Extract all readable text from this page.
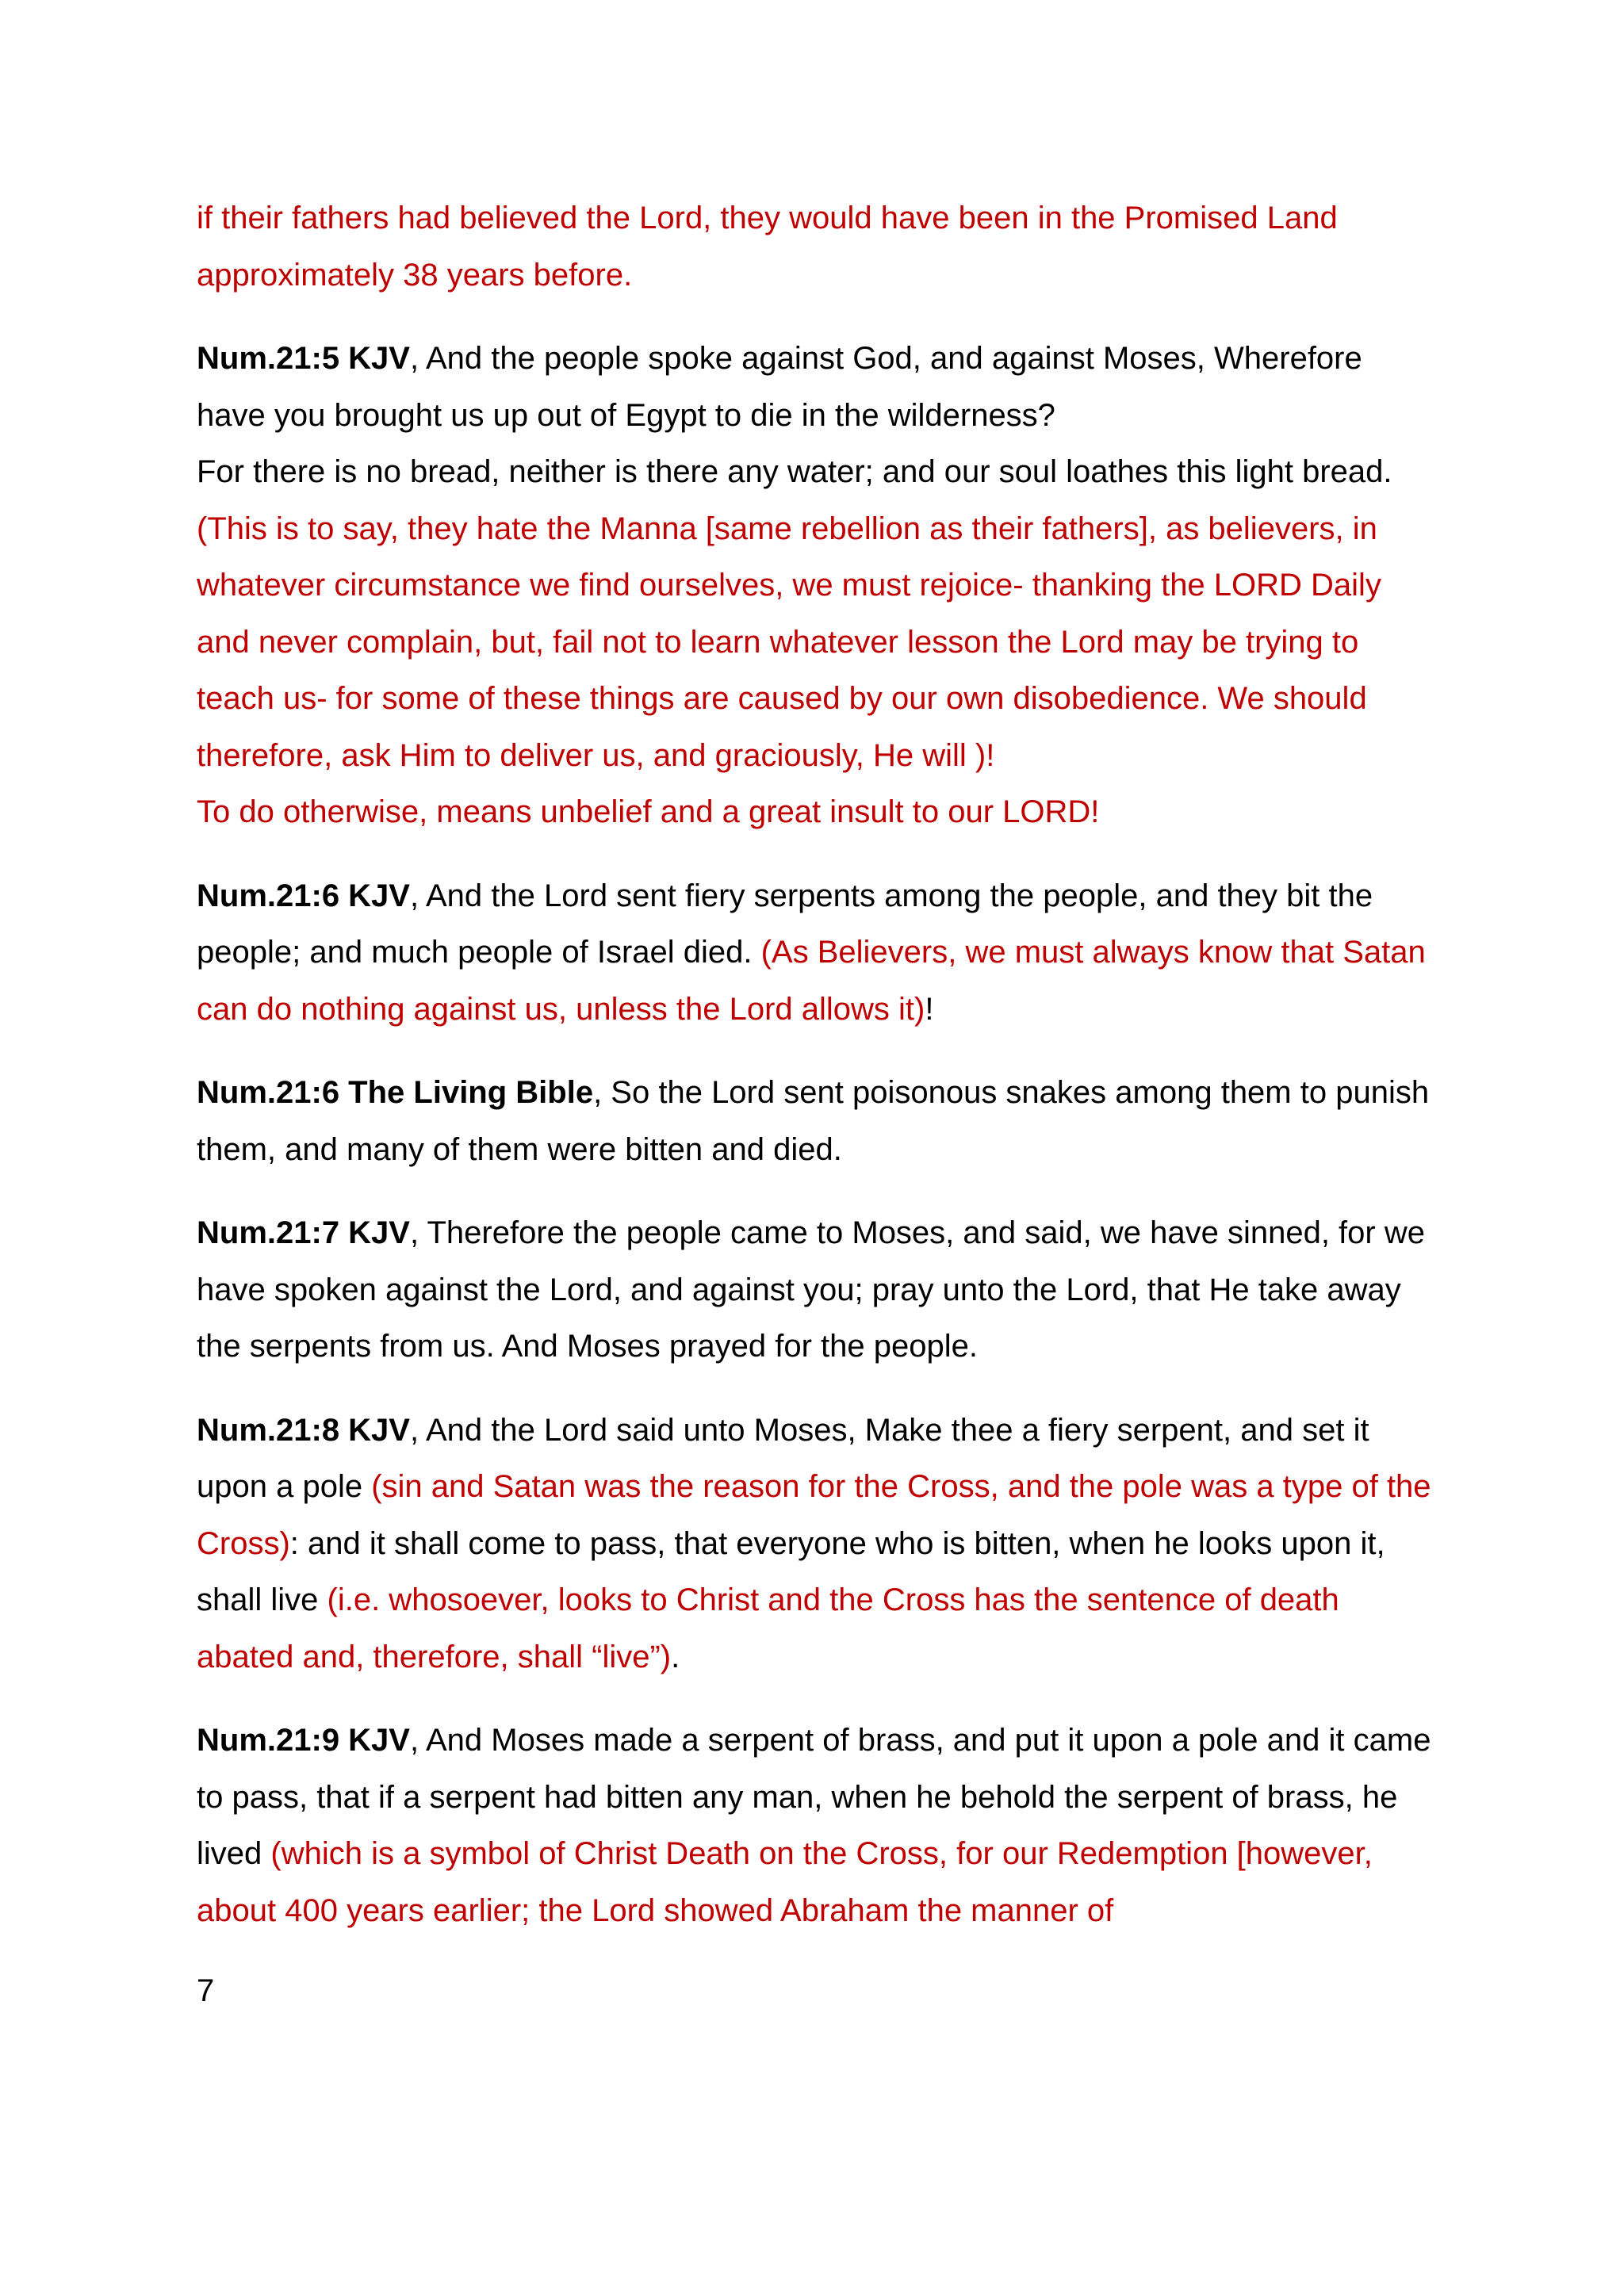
if their fathers had believed the Lord, they would have been in the Promised Land approximately 38 years before.

Num.21:5 KJV, And the people spoke against God, and against Moses, Wherefore have you brought us up out of Egypt to die in the wilderness?
For there is no bread, neither is there any water; and our soul loathes this light bread. (This is to say, they hate the Manna [same rebellion as their fathers], as believers, in whatever circumstance we find ourselves, we must rejoice- thanking the LORD Daily and never complain, but, fail not to learn whatever lesson the Lord may be trying to teach us- for some of these things are caused by our own disobedience. We should therefore, ask Him to deliver us, and graciously, He will )!
To do otherwise, means unbelief and a great insult to our LORD!

Num.21:6 KJV, And the Lord sent fiery serpents among the people, and they bit the people; and much people of Israel died. (As Believers, we must always know that Satan can do nothing against us, unless the Lord allows it)!

Num.21:6 The Living Bible, So the Lord sent poisonous snakes among them to punish them, and many of them were bitten and died.

Num.21:7 KJV, Therefore the people came to Moses, and said, we have sinned, for we have spoken against the Lord, and against you; pray unto the Lord, that He take away the serpents from us. And Moses prayed for the people.

Num.21:8 KJV, And the Lord said unto Moses, Make thee a fiery serpent, and set it upon a pole (sin and Satan was the reason for the Cross, and the pole was a type of the Cross): and it shall come to pass, that everyone who is bitten, when he looks upon it, shall live (i.e. whosoever, looks to Christ and the Cross has the sentence of death abated and, therefore, shall “live”).

Num.21:9 KJV, And Moses made a serpent of brass, and put it upon a pole and it came to pass, that if a serpent had bitten any man, when he behold the serpent of brass, he lived (which is a symbol of Christ Death on the Cross, for our Redemption [however, about 400 years earlier; the Lord showed Abraham the manner of

7
